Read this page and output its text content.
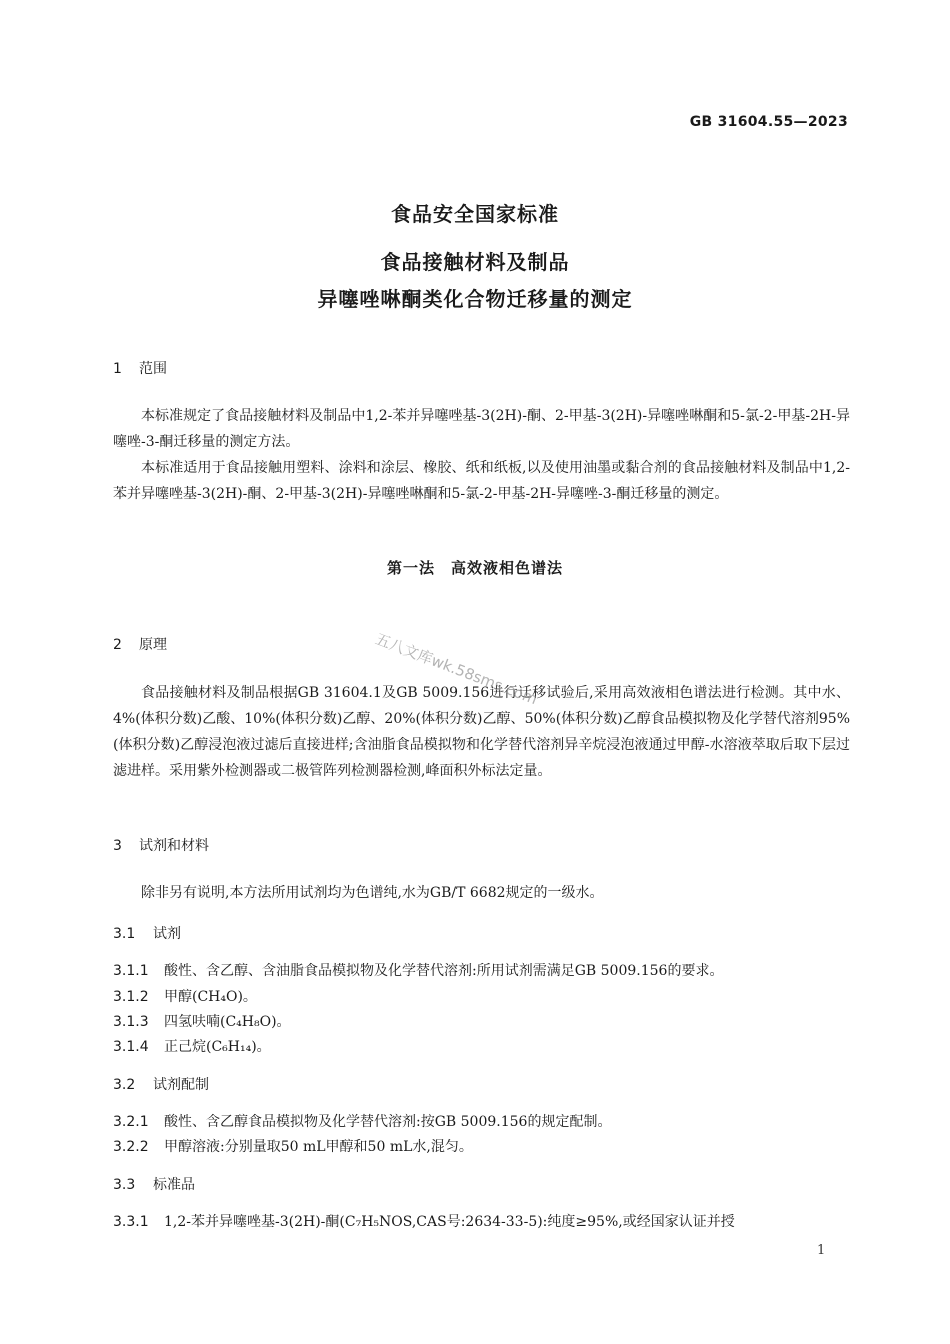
GB 31604.55—2023
食品安全国家标准
食品接触材料及制品
异噻唑啉酮类化合物迁移量的测定
1 范围

本标准规定了食品接触材料及制品中1,2-苯并异噻唑基-3(2H)-酮、2-甲基-3(2H)-异噻唑啉酮和5-氯-2-甲基-2H-异噻唑-3-酮迁移量的测定方法。

本标准适用于食品接触用塑料、涂料和涂层、橡胶、纸和纸板,以及使用油墨或黏合剂的食品接触材料及制品中1,2-苯并异噻唑基-3(2H)-酮、2-甲基-3(2H)-异噻唑啉酮和5-氯-2-甲基-2H-异噻唑-3-酮迁移量的测定。

第一法　高效液相色谱法
2 原理

食品接触材料及制品根据GB 31604.1及GB 5009.156进行迁移试验后,采用高效液相色谱法进行检测。其中水、4%(体积分数)乙酸、10%(体积分数)乙醇、20%(体积分数)乙醇、50%(体积分数)乙醇食品模拟物及化学替代溶剂95%(体积分数)乙醇浸泡液过滤后直接进样;含油脂食品模拟物和化学替代溶剂异辛烷浸泡液通过甲醇-水溶液萃取后取下层过滤进样。采用紫外检测器或二极管阵列检测器检测,峰面积外标法定量。

3 试剂和材料

除非另有说明,本方法所用试剂均为色谱纯,水为GB/T 6682规定的一级水。

3.1 试剂
3.1.1 酸性、含乙醇、含油脂食品模拟物及化学替代溶剂:所用试剂需满足GB 5009.156的要求。
3.1.2 甲醇(CH₄O)。
3.1.3 四氢呋喃(C₄H₈O)。
3.1.4 正己烷(C₆H₁₄)。
3.2 试剂配制
3.2.1 酸性、含乙醇食品模拟物及化学替代溶剂:按GB 5009.156的规定配制。
3.2.2 甲醇溶液:分别量取50 mL甲醇和50 mL水,混匀。
3.3 标准品
3.3.1 1,2-苯并异噻唑基-3(2H)-酮(C₇H₅NOS,CAS号:2634-33-5):纯度≥95%,或经国家认证并授
五八文库wk.58sms.com
1
